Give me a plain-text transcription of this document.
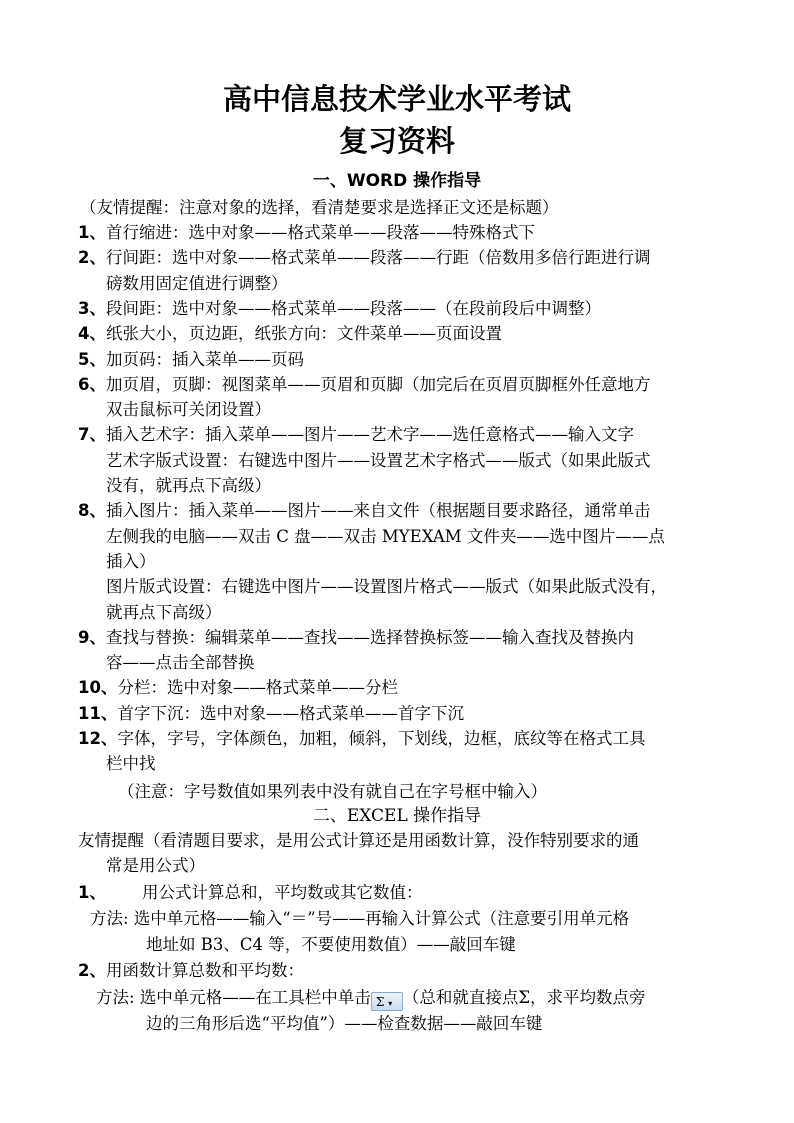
高中信息技术学业水平考试
复习资料
一、WORD 操作指导
（友情提醒：注意对象的选择，看清楚要求是选择正文还是标题）
1、首行缩进：选中对象——格式菜单——段落——特殊格式下
2、行间距：选中对象——格式菜单——段落——行距（倍数用多倍行距进行调
磅数用固定值进行调整）
3、段间距：选中对象——格式菜单——段落——（在段前段后中调整）
4、纸张大小，页边距，纸张方向：文件菜单——页面设置
5、加页码：插入菜单——页码
6、加页眉，页脚：视图菜单——页眉和页脚（加完后在页眉页脚框外任意地方
双击鼠标可关闭设置）
7、插入艺术字：插入菜单——图片——艺术字——选任意格式——输入文字
艺术字版式设置：右键选中图片——设置艺术字格式——版式（如果此版式
没有，就再点下高级）
8、插入图片：插入菜单——图片——来自文件（根据题目要求路径，通常单击
左侧我的电脑——双击 C 盘——双击 MYEXAM 文件夹——选中图片——点
插入）
图片版式设置：右键选中图片——设置图片格式——版式（如果此版式没有，
就再点下高级）
9、查找与替换：编辑菜单——查找——选择替换标签——输入查找及替换内
容——点击全部替换
10、分栏：选中对象——格式菜单——分栏
11、首字下沉：选中对象——格式菜单——首字下沉
12、字体，字号，字体颜色，加粗，倾斜，下划线，边框，底纹等在格式工具
栏中找
（注意：字号数值如果列表中没有就自己在字号框中输入）
二、EXCEL 操作指导
友情提醒（看清题目要求，是用公式计算还是用函数计算，没作特别要求的通
常是用公式）
1、 用公式计算总和，平均数或其它数值：
方法: 选中单元格——输入“＝”号——再输入计算公式（注意要引用单元格
地址如 B3、C4 等，不要使用数值）——敲回车键
2、用函数计算总数和平均数：
方法: 选中单元格——在工具栏中单击 Σ ▾ （总和就直接点Σ，求平均数点旁
边的三角形后选“平均值”）——检查数据——敲回车键
